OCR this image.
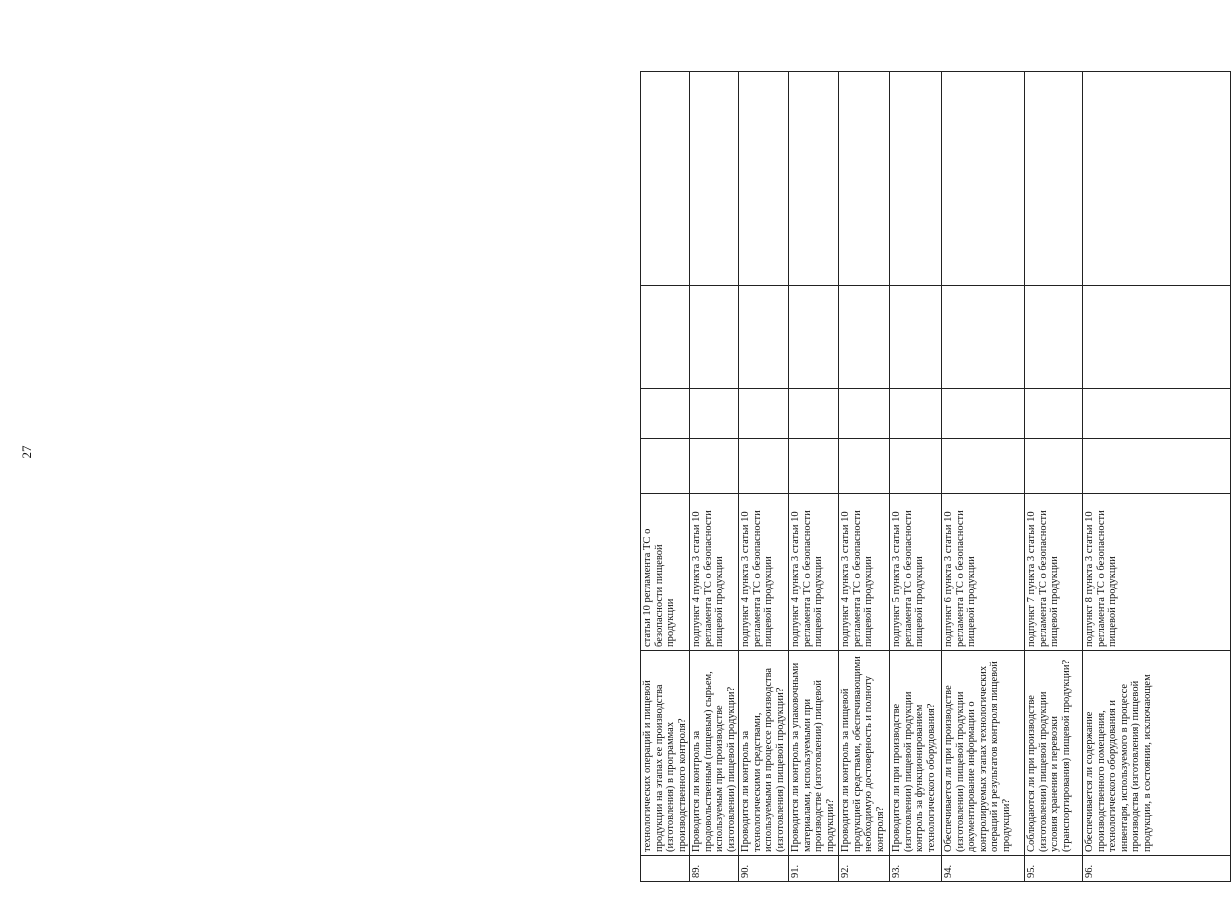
27
	технологических операций и пищевой продукции на этапах ее производства (изготовления) в программах производственного контроля?	статьи 10 регламента ТС о безопасности пищевой продукции				
89.	Проводится ли контроль за продовольственным (пищевым) сырьем, используемым при производстве (изготовлении) пищевой продукции?	подпункт 4 пункта 3 статьи 10 регламента ТС о безопасности пищевой продукции				
90.	Проводится ли контроль за технологическими средствами, используемыми в процессе производства (изготовления) пищевой продукции?	подпункт 4 пункта 3 статьи 10 регламента ТС о безопасности пищевой продукции				
91.	Проводится ли контроль за упаковочными материалами, используемыми при производстве (изготовлении) пищевой продукции?	подпункт 4 пункта 3 статьи 10 регламента ТС о безопасности пищевой продукции				
92.	Проводится ли контроль за пищевой продукцией средствами, обеспечивающими необходимую достоверность и полноту контроля?	подпункт 4 пункта 3 статьи 10 регламента ТС о безопасности пищевой продукции				
93.	Проводится ли при производстве (изготовлении) пищевой продукции контроль за функционированием технологического оборудования?	подпункт 5 пункта 3 статьи 10 регламента ТС о безопасности пищевой продукции				
94.	Обеспечивается ли при производстве (изготовлении) пищевой продукции документирование информации о контролируемых этапах технологических операций и результатов контроля пищевой продукции?	подпункт 6 пункта 3 статьи 10 регламента ТС о безопасности пищевой продукции				
95.	Соблюдаются ли при производстве (изготовлении) пищевой продукции условия хранения и перевозки (транспортирования) пищевой продукции?	подпункт 7 пункта 3 статьи 10 регламента ТС о безопасности пищевой продукции				
96.	Обеспечивается ли содержание производственного помещения, технологического оборудования и инвентаря, используемого в процессе производства (изготовления) пищевой продукции, в состоянии, исключающем	подпункт 8 пункта 3 статьи 10 регламента ТС о безопасности пищевой продукции				
